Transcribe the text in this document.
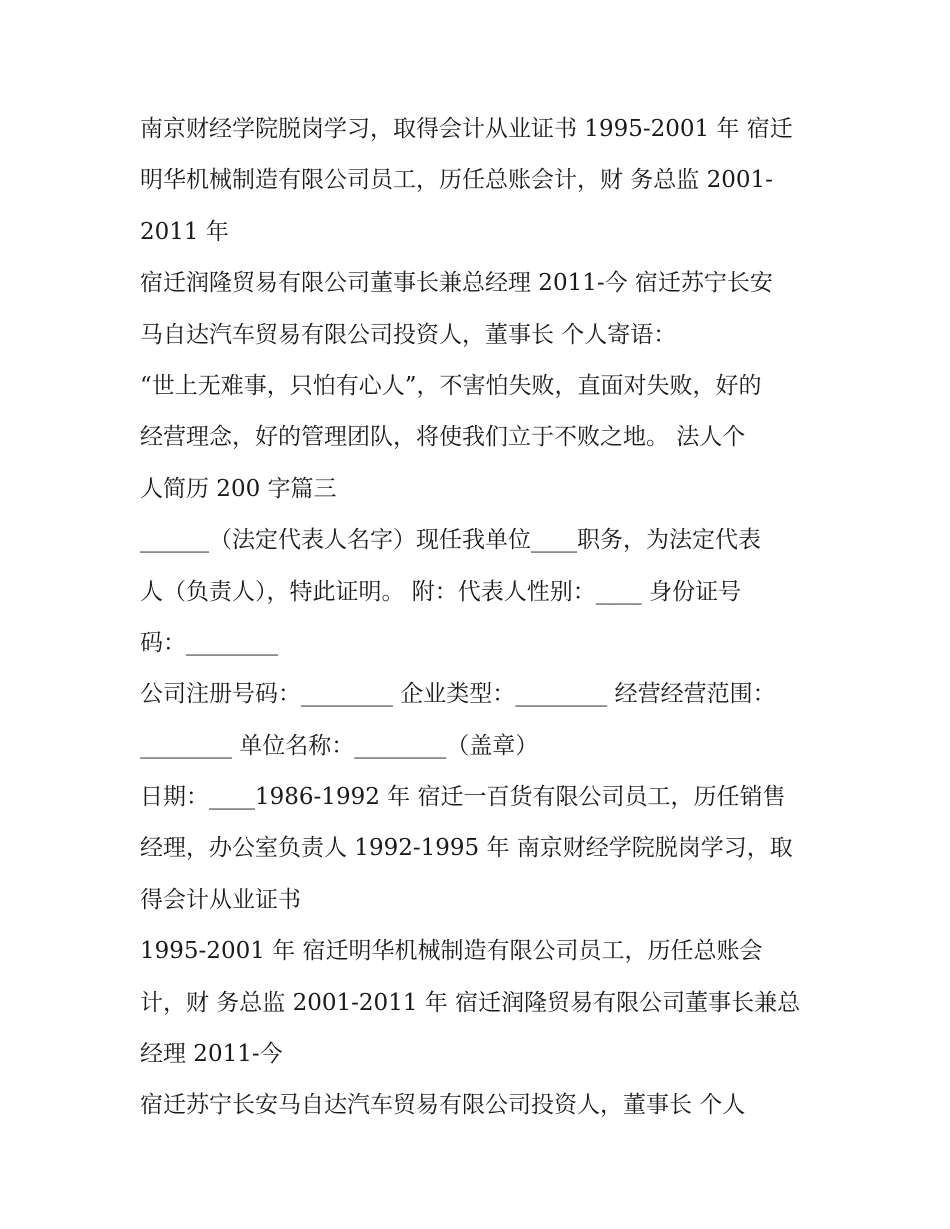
南京财经学院脱岗学习，取得会计从业证书 1995-2001 年 宿迁
明华机械制造有限公司员工，历任总账会计，财 务总监 2001-
2011 年
宿迁润隆贸易有限公司董事长兼总经理 2011-今 宿迁苏宁长安
马自达汽车贸易有限公司投资人，董事长 个人寄语：
“世上无难事，只怕有心人”，不害怕失败，直面对失败，好的
经营理念，好的管理团队，将使我们立于不败之地。 法人个
人简历 200 字篇三
______（法定代表人名字）现任我单位____职务，为法定代表
人（负责人），特此证明。 附：代表人性别：____ 身份证号
码：________
公司注册号码：________ 企业类型：________ 经营经营范围：
________ 单位名称：________（盖章）
日期：____1986-1992 年 宿迁一百货有限公司员工，历任销售
经理，办公室负责人 1992-1995 年 南京财经学院脱岗学习，取
得会计从业证书
1995-2001 年 宿迁明华机械制造有限公司员工，历任总账会
计，财 务总监 2001-2011 年 宿迁润隆贸易有限公司董事长兼总
经理 2011-今
宿迁苏宁长安马自达汽车贸易有限公司投资人，董事长 个人
